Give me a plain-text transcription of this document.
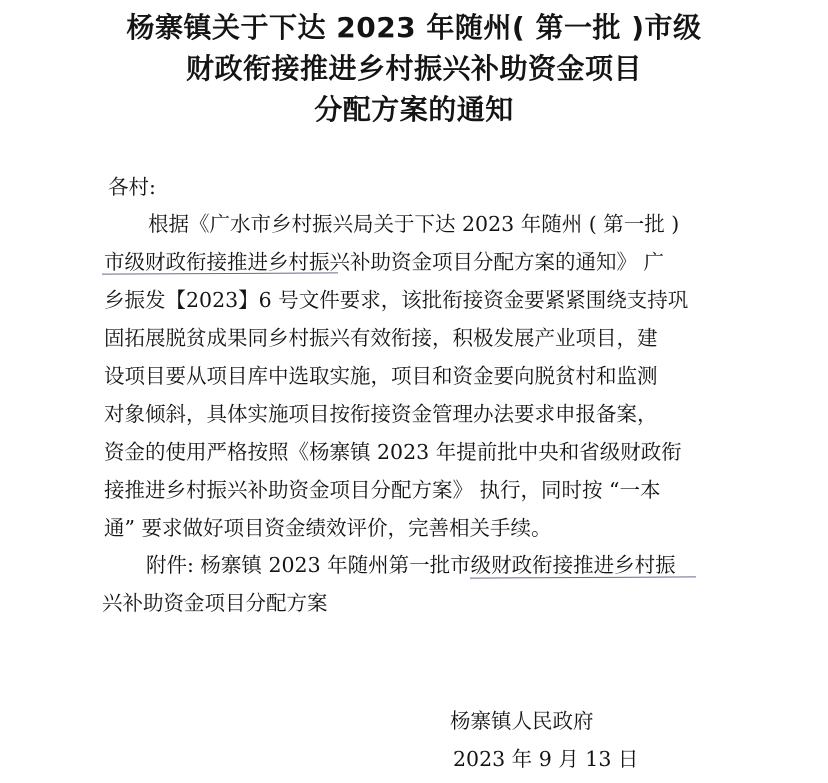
杨寨镇关于下达 2023 年随州( 第一批 )市级
财政衔接推进乡村振兴补助资金项目
分配方案的通知
各村:
根据《广水市乡村振兴局关于下达 2023 年随州 ( 第一批 )
市级财政衔接推进乡村振兴补助资金项目分配方案的通知》 广
乡振发【2023】6 号文件要求，该批衔接资金要紧紧围绕支持巩
固拓展脱贫成果同乡村振兴有效衔接，积极发展产业项目，建
设项目要从项目库中选取实施，项目和资金要向脱贫村和监测
对象倾斜，具体实施项目按衔接资金管理办法要求申报备案，
资金的使用严格按照《杨寨镇 2023 年提前批中央和省级财政衔
接推进乡村振兴补助资金项目分配方案》 执行，同时按 “一本
通” 要求做好项目资金绩效评价，完善相关手续。
附件: 杨寨镇 2023 年随州第一批市级财政衔接推进乡村振
兴补助资金项目分配方案
杨寨镇人民政府
2023 年 9 月 13 日
